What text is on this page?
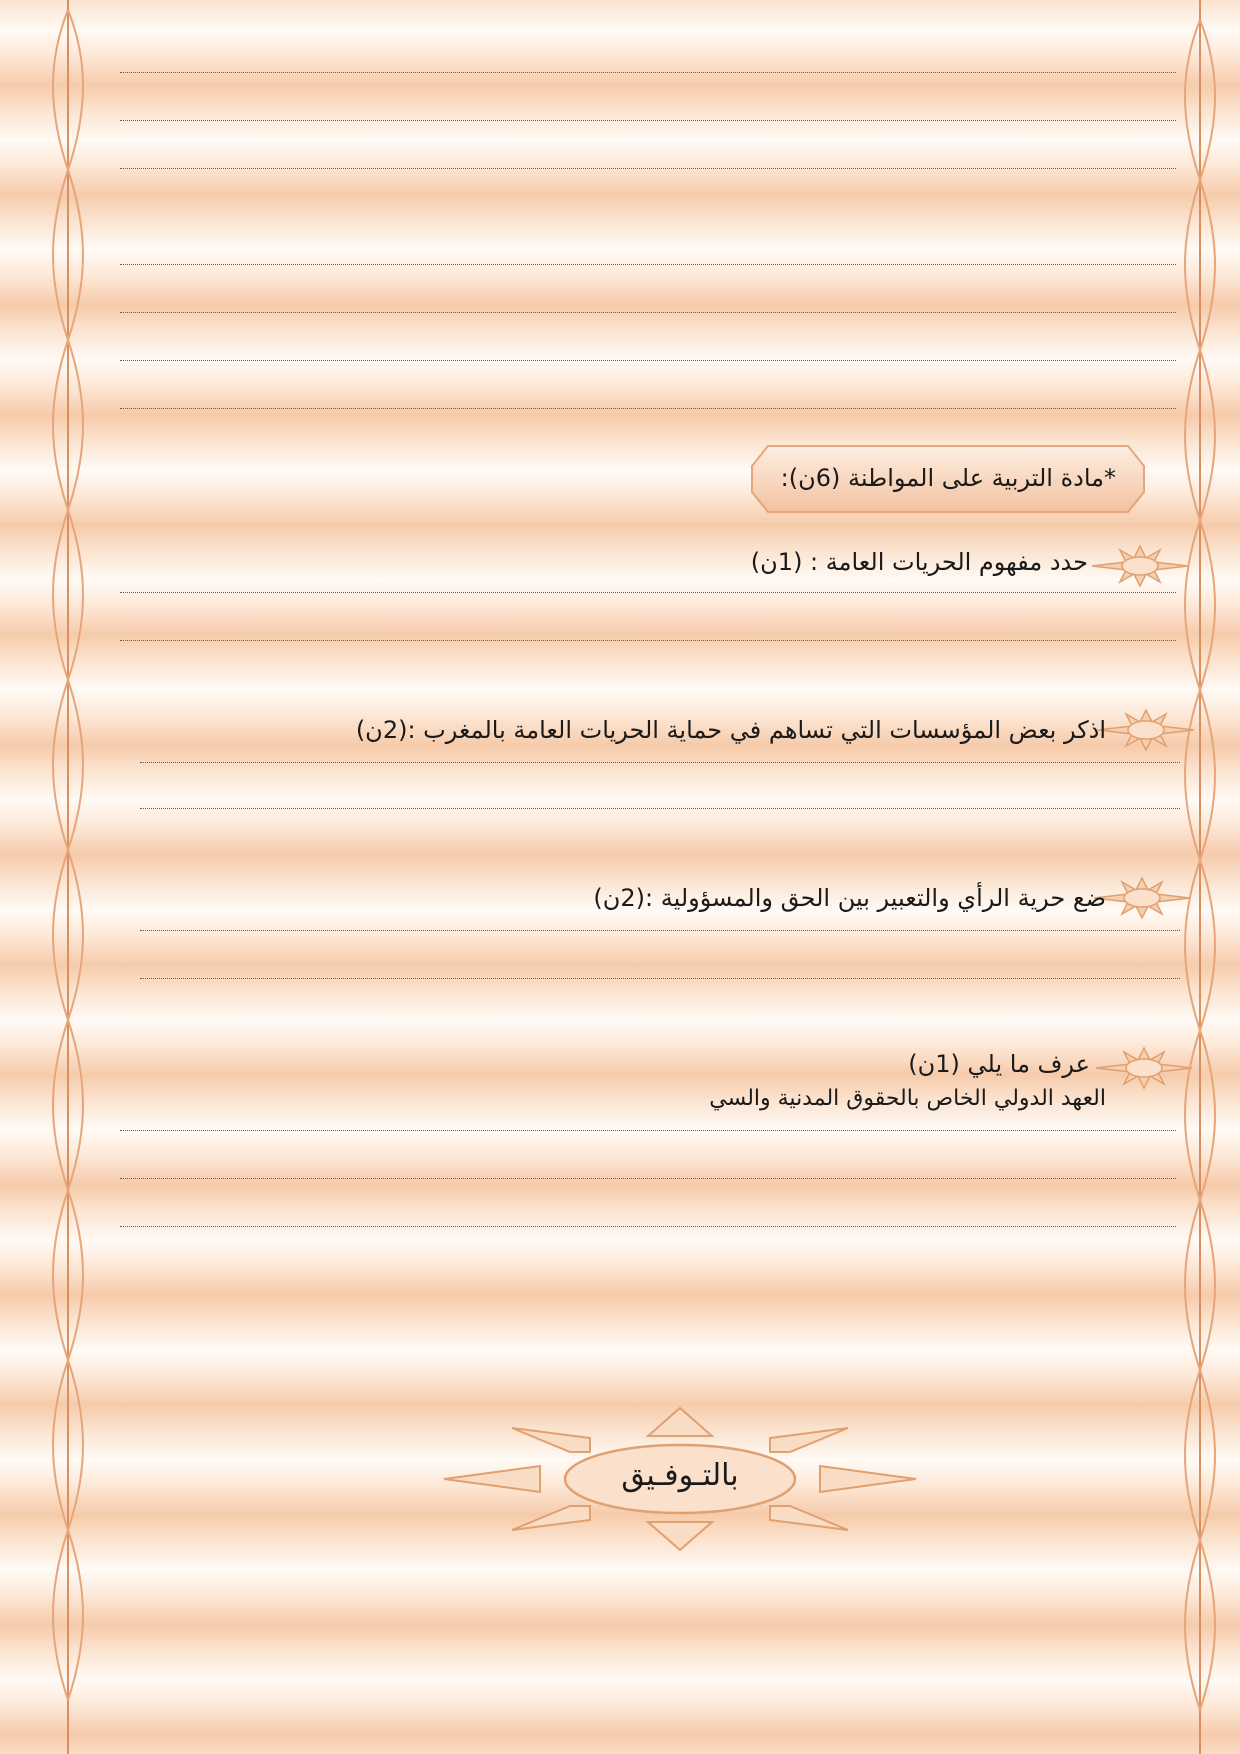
*مادة التربية على المواطنة (6ن):
حدد مفهوم الحريات العامة : (1ن)
اذكر بعض المؤسسات التي تساهم في حماية الحريات العامة بالمغرب :(2ن)
ضع حرية الرأي والتعبير بين الحق والمسؤولية :(2ن)
عرف ما يلي (1ن)
العهد الدولي الخاص بالحقوق المدنية والسي
بالتـوفـيق
